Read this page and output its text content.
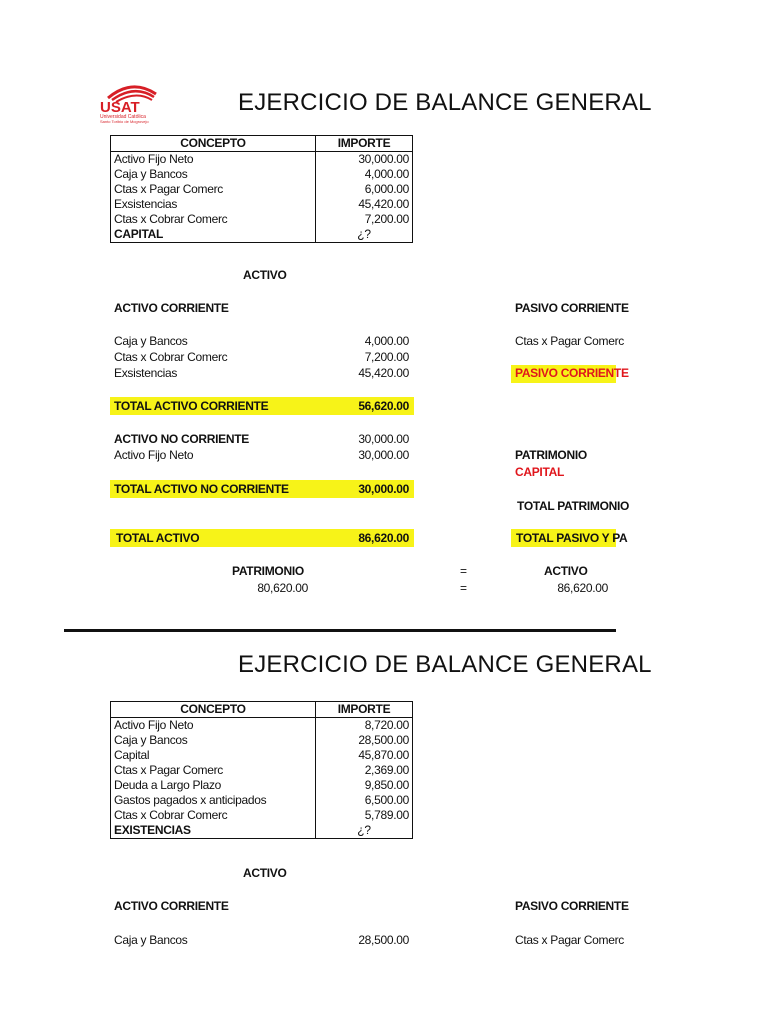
USAT
Universidad Católica
Santo Toribio de Mogrovejo
EJERCICIO DE BALANCE GENERAL
CONCEPTO	IMPORTE
Activo Fijo Neto	30,000.00
Caja y Bancos	4,000.00
Ctas x Pagar Comerc	6,000.00
Exsistencias	45,420.00
Ctas x Cobrar Comerc	7,200.00
CAPITAL	¿?
ACTIVO
ACTIVO CORRIENTE	PASIVO CORRIENTE
Caja y Bancos	4,000.00	Ctas x Pagar Comerc
Ctas x Cobrar Comerc	7,200.00
Exsistencias	45,420.00	PASIVO CORRIENTE
TOTAL ACTIVO CORRIENTE	56,620.00
ACTIVO NO CORRIENTE	30,000.00
Activo Fijo Neto	30,000.00	PATRIMONIO
CAPITAL
TOTAL ACTIVO NO CORRIENTE	30,000.00
TOTAL PATRIMONIO
TOTAL ACTIVO	86,620.00	TOTAL PASIVO Y PA
PATRIMONIO	=	ACTIVO
80,620.00	=	86,620.00
EJERCICIO DE BALANCE GENERAL
CONCEPTO	IMPORTE
Activo Fijo Neto	8,720.00
Caja y Bancos	28,500.00
Capital	45,870.00
Ctas x Pagar Comerc	2,369.00
Deuda a Largo Plazo	9,850.00
Gastos pagados x anticipados	6,500.00
Ctas x Cobrar Comerc	5,789.00
EXISTENCIAS	¿?
ACTIVO
ACTIVO CORRIENTE	PASIVO CORRIENTE
Caja y Bancos	28,500.00	Ctas x Pagar Comerc
